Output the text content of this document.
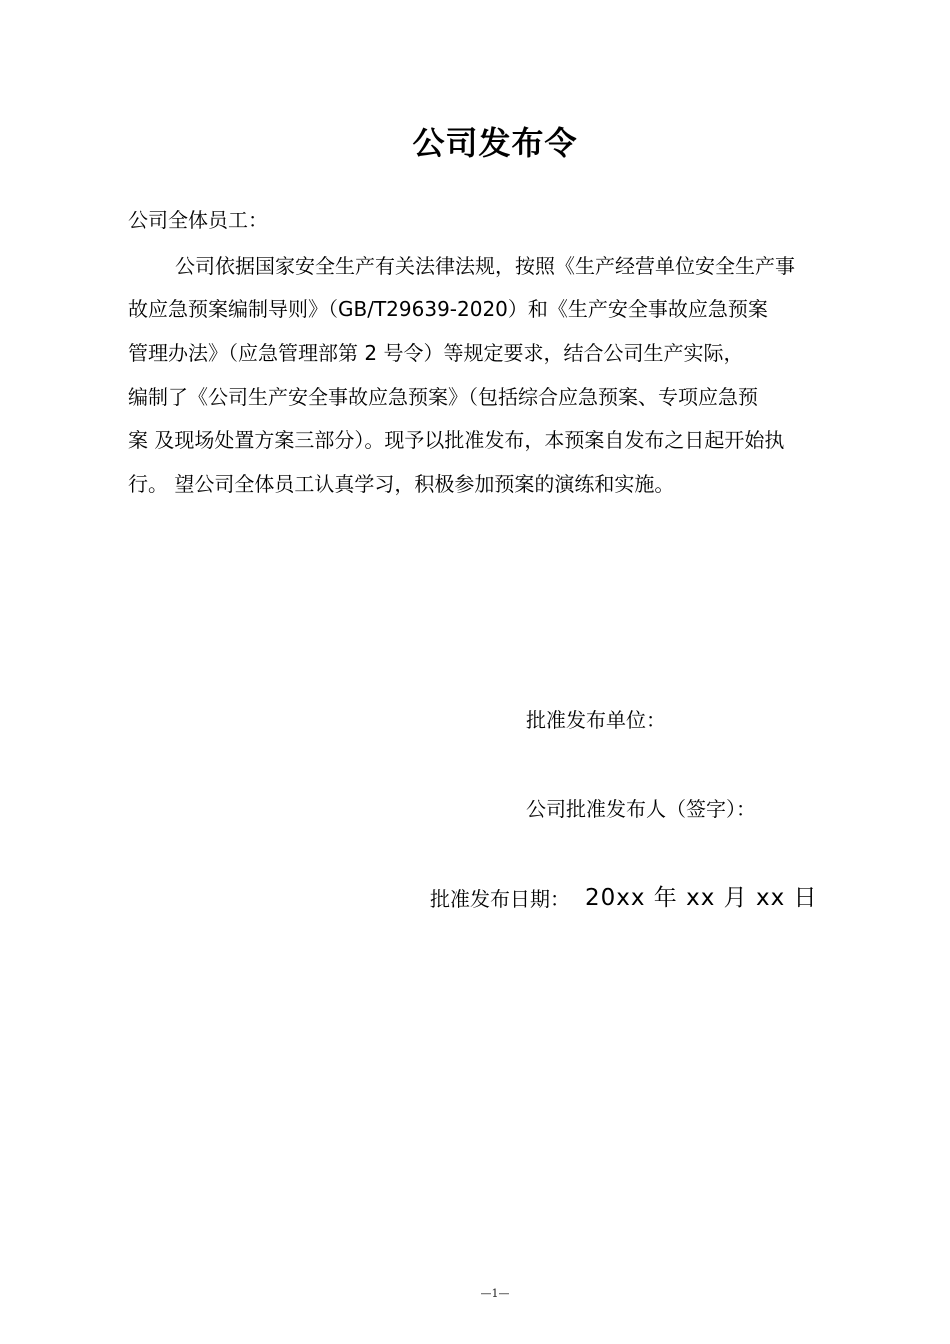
公司发布令
公司全体员工：
公司依据国家安全生产有关法律法规，按照《生产经营单位安全生产事
故应急预案编制导则》（GB/T29639-2020）和《生产安全事故应急预案
管理办法》（应急管理部第 2 号令）等规定要求，结合公司生产实际，
编制了《公司生产安全事故应急预案》（包括综合应急预案、专项应急预
案 及现场处置方案三部分）。现予以批准发布，本预案自发布之日起开始执
行。 望公司全体员工认真学习，积极参加预案的演练和实施。
批准发布单位：
公司批准发布人（签字）：
批准发布日期： 20xx 年 xx 月 xx 日
—1—
